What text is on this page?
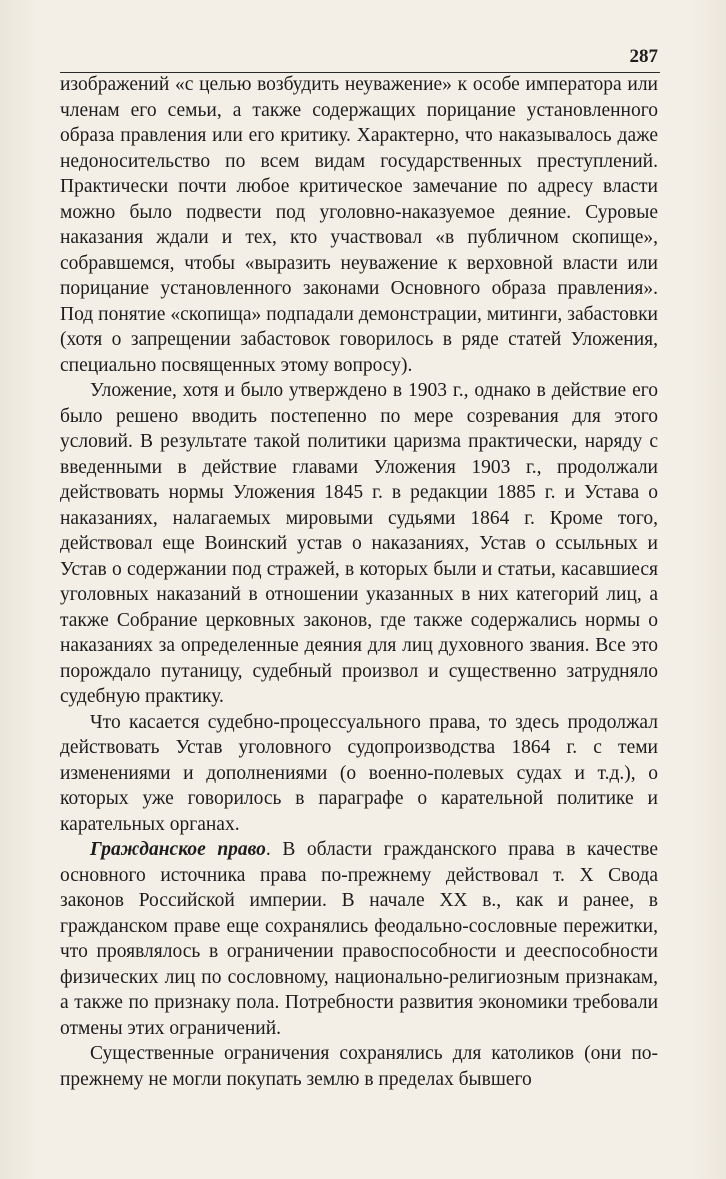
287

изображений «с целью возбудить неуважение» к особе императора или членам его семьи, а также содержащих порицание установленного образа правления или его критику. Характерно, что наказывалось даже недоносительство по всем видам государственных преступлений. Практически почти любое критическое замечание по адресу власти можно было подвести под уголовно-наказуемое деяние. Суровые наказания ждали и тех, кто участвовал «в публичном скопище», собравшемся, чтобы «выразить неуважение к верховной власти или порицание установленного законами Основного образа правления». Под понятие «скопища» подпадали демонстрации, митинги, забастовки (хотя о запрещении забастовок говорилось в ряде статей Уложения, специально посвященных этому вопросу).

Уложение, хотя и было утверждено в 1903 г., однако в действие его было решено вводить постепенно по мере созревания для этого условий. В результате такой политики царизма практически, наряду с введенными в действие главами Уложения 1903 г., продолжали действовать нормы Уложения 1845 г. в редакции 1885 г. и Устава о наказаниях, налагаемых мировыми судьями 1864 г. Кроме того, действовал еще Воинский устав о наказаниях, Устав о ссыльных и Устав о содержании под стражей, в которых были и статьи, касавшиеся уголовных наказаний в отношении указанных в них категорий лиц, а также Собрание церковных законов, где также содержались нормы о наказаниях за определенные деяния для лиц духовного звания. Все это порождало путаницу, судебный произвол и существенно затрудняло судебную практику.

Что касается судебно-процессуального права, то здесь продолжал действовать Устав уголовного судопроизводства 1864 г. с теми изменениями и дополнениями (о военно-полевых судах и т.д.), о которых уже говорилось в параграфе о карательной политике и карательных органах.

Гражданское право. В области гражданского права в качестве основного источника права по-прежнему действовал т. X Свода законов Российской империи. В начале XX в., как и ранее, в гражданском праве еще сохранялись феодально-сословные пережитки, что проявлялось в ограничении правоспособности и дееспособности физических лиц по сословному, национально-религиозным признакам, а также по признаку пола. Потребности развития экономики требовали отмены этих ограничений.

Существенные ограничения сохранялись для католиков (они по-прежнему не могли покупать землю в пределах бывшего
